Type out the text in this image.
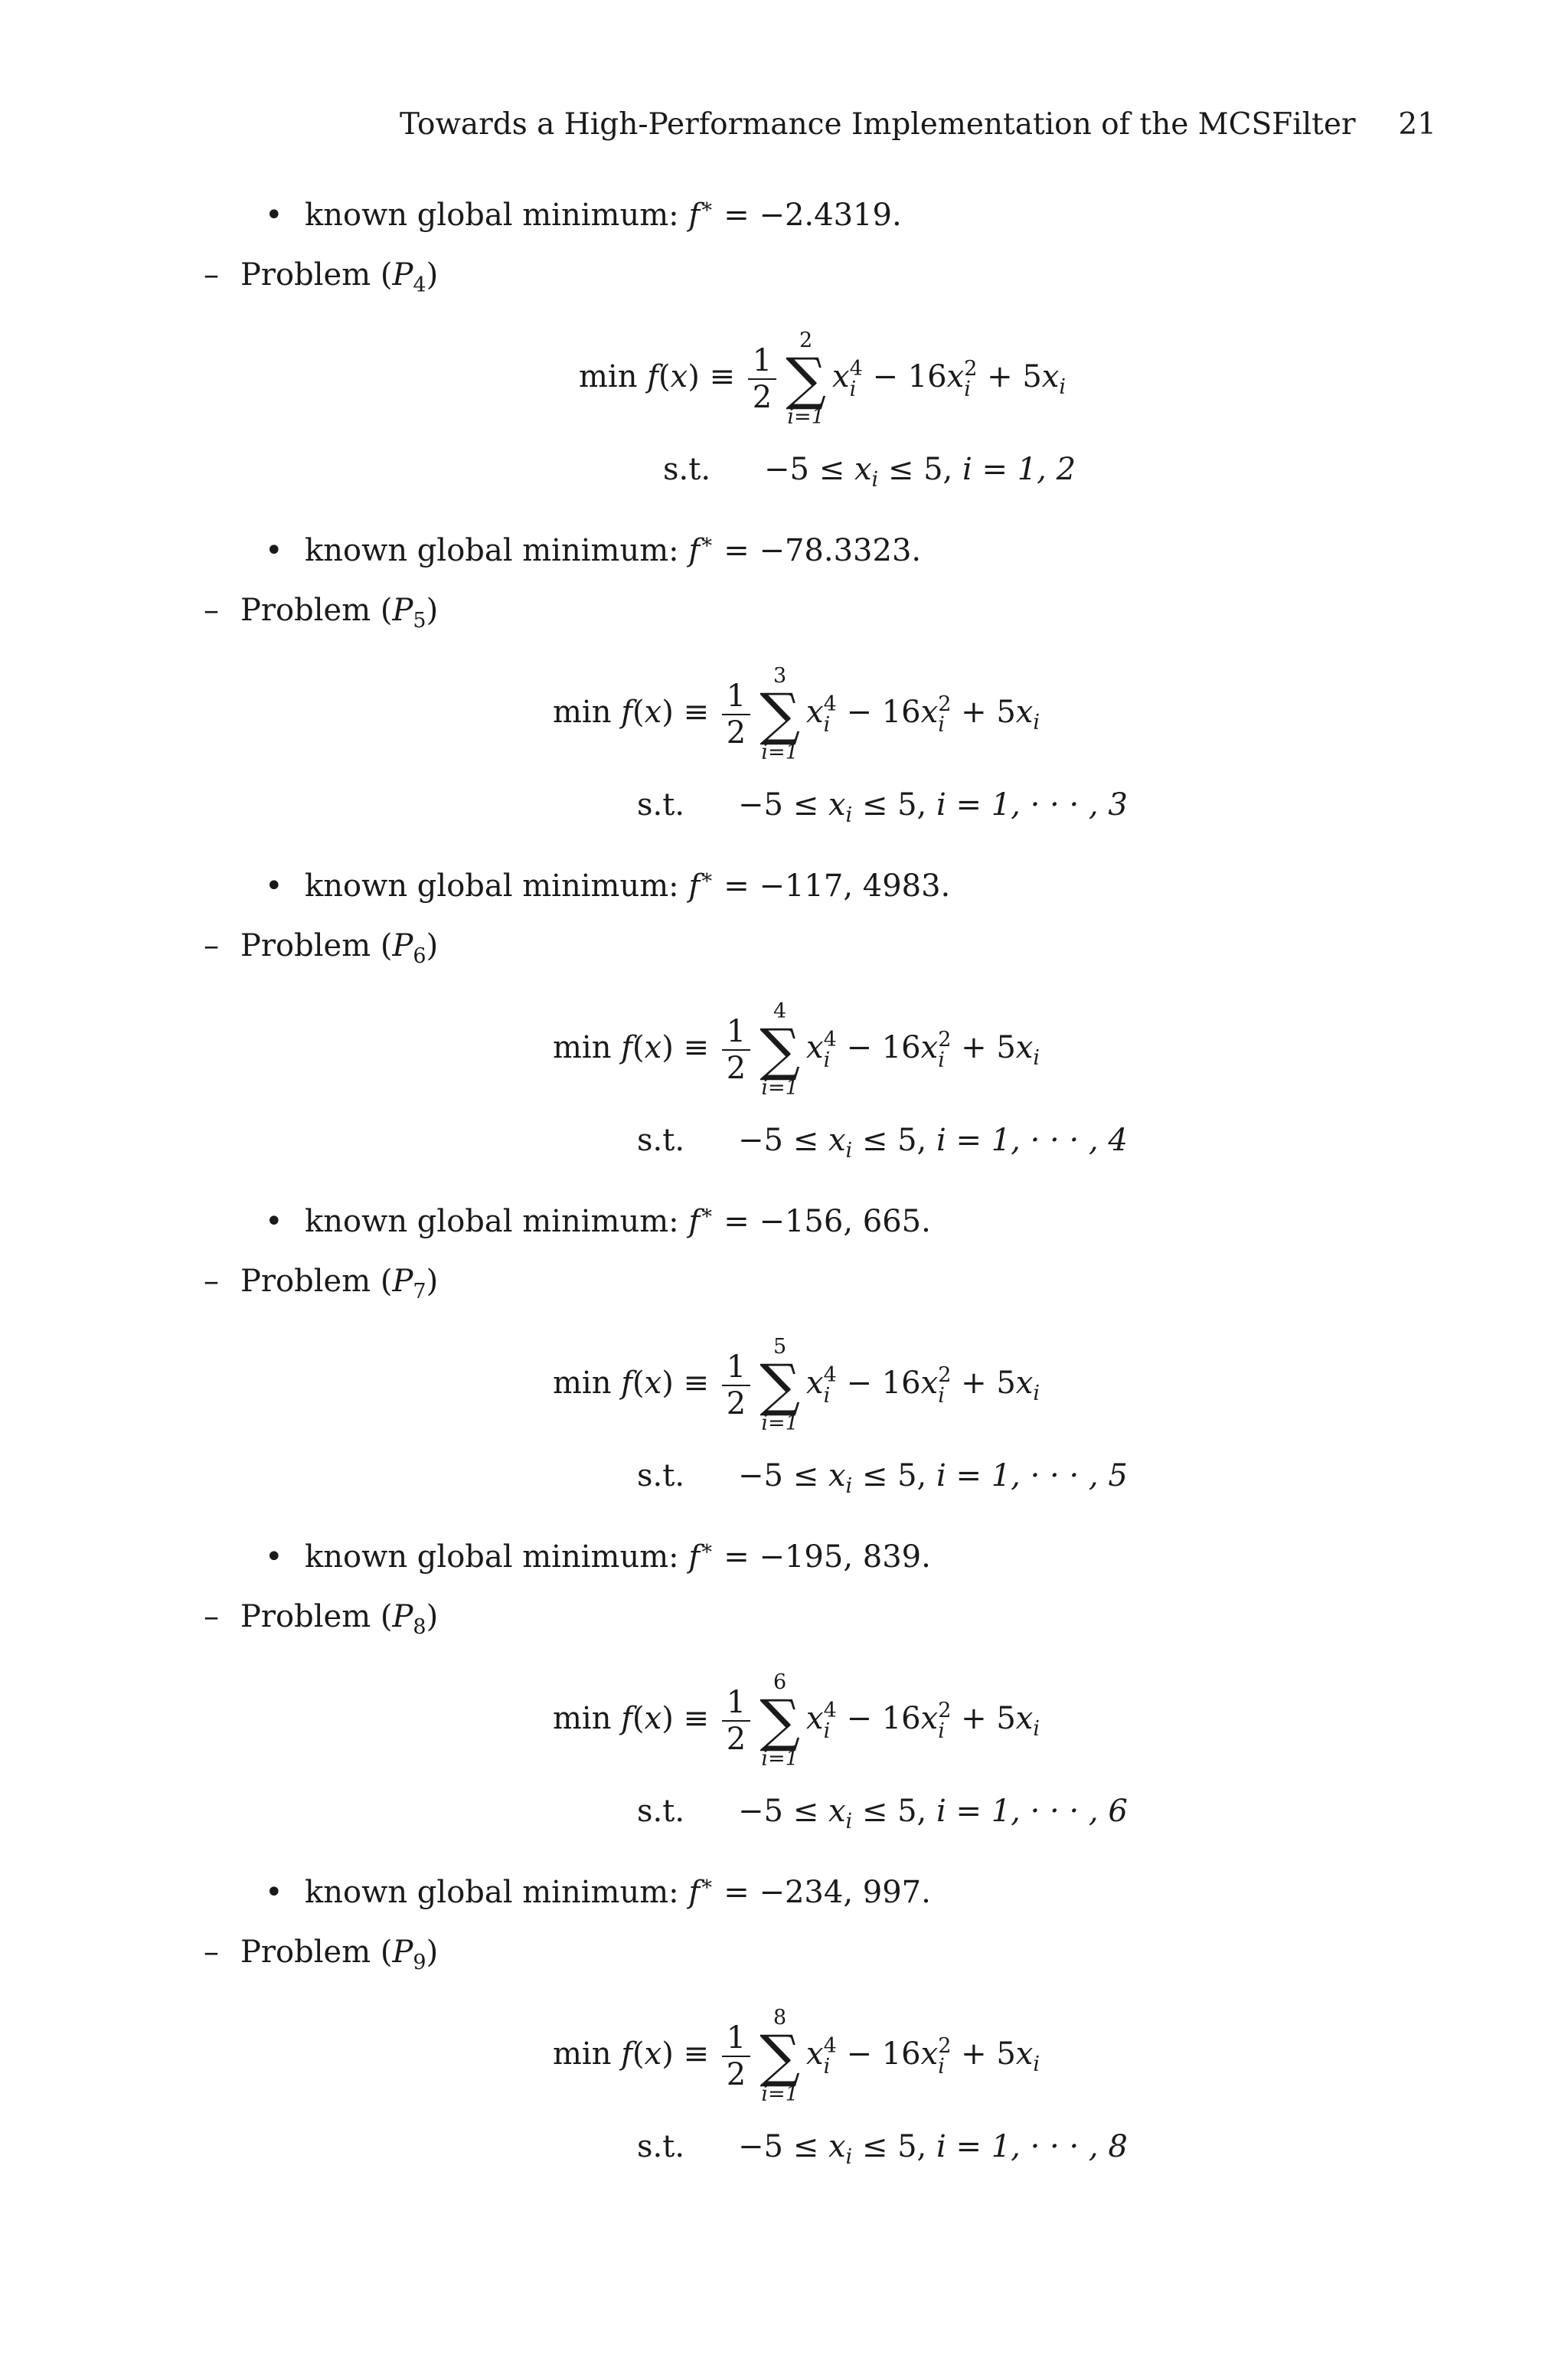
Towards a High-Performance Implementation of the MCSFilter 21
• known global minimum: f∗ = −2.4319.
– Problem $(P_4)$
$\min f(x) \equiv \frac{1}{2}$
2
∑
i=1
x 4
i − 16x 2
$i + 5x_i$
s.t. $-5 \le x_i \le 5$, i = 1, 2
• known global minimum: f∗ = −78.3323.
– Problem $(P_5)$
$\min f(x) \equiv \frac{1}{2}$
3
∑
i=1
x 4
i − 16x 2
$i + 5x_i$
s.t. $-5 \le x_i \le 5$, i = 1, · · · , 3
• known global minimum: f∗ = −117, 4983.
– Problem $(P_6)$
$\min f(x) \equiv \frac{1}{2}$
4
∑
i=1
x 4
i − 16x 2
$i + 5x_i$
s.t. $-5 \le x_i \le 5$, i = 1, · · · , 4
• known global minimum: f∗ = −156, 665.
– Problem $(P_7)$
$\min f(x) \equiv \frac{1}{2}$
5
∑
i=1
x 4
i − 16x 2
$i + 5x_i$
s.t. $-5 \le x_i \le 5$, i = 1, · · · , 5
• known global minimum: f∗ = −195, 839.
– Problem $(P_8)$
$\min f(x) \equiv \frac{1}{2}$
6
∑
i=1
x 4
i − 16x 2
$i + 5x_i$
s.t. $-5 \le x_i \le 5$, i = 1, · · · , 6
• known global minimum: f∗ = −234, 997.
– Problem $(P_9)$
$\min f(x) \equiv \frac{1}{2}$
8
∑
i=1
x 4
i − 16x 2
$i + 5x_i$
s.t. $-5 \le x_i \le 5$, i = 1, · · · , 8
